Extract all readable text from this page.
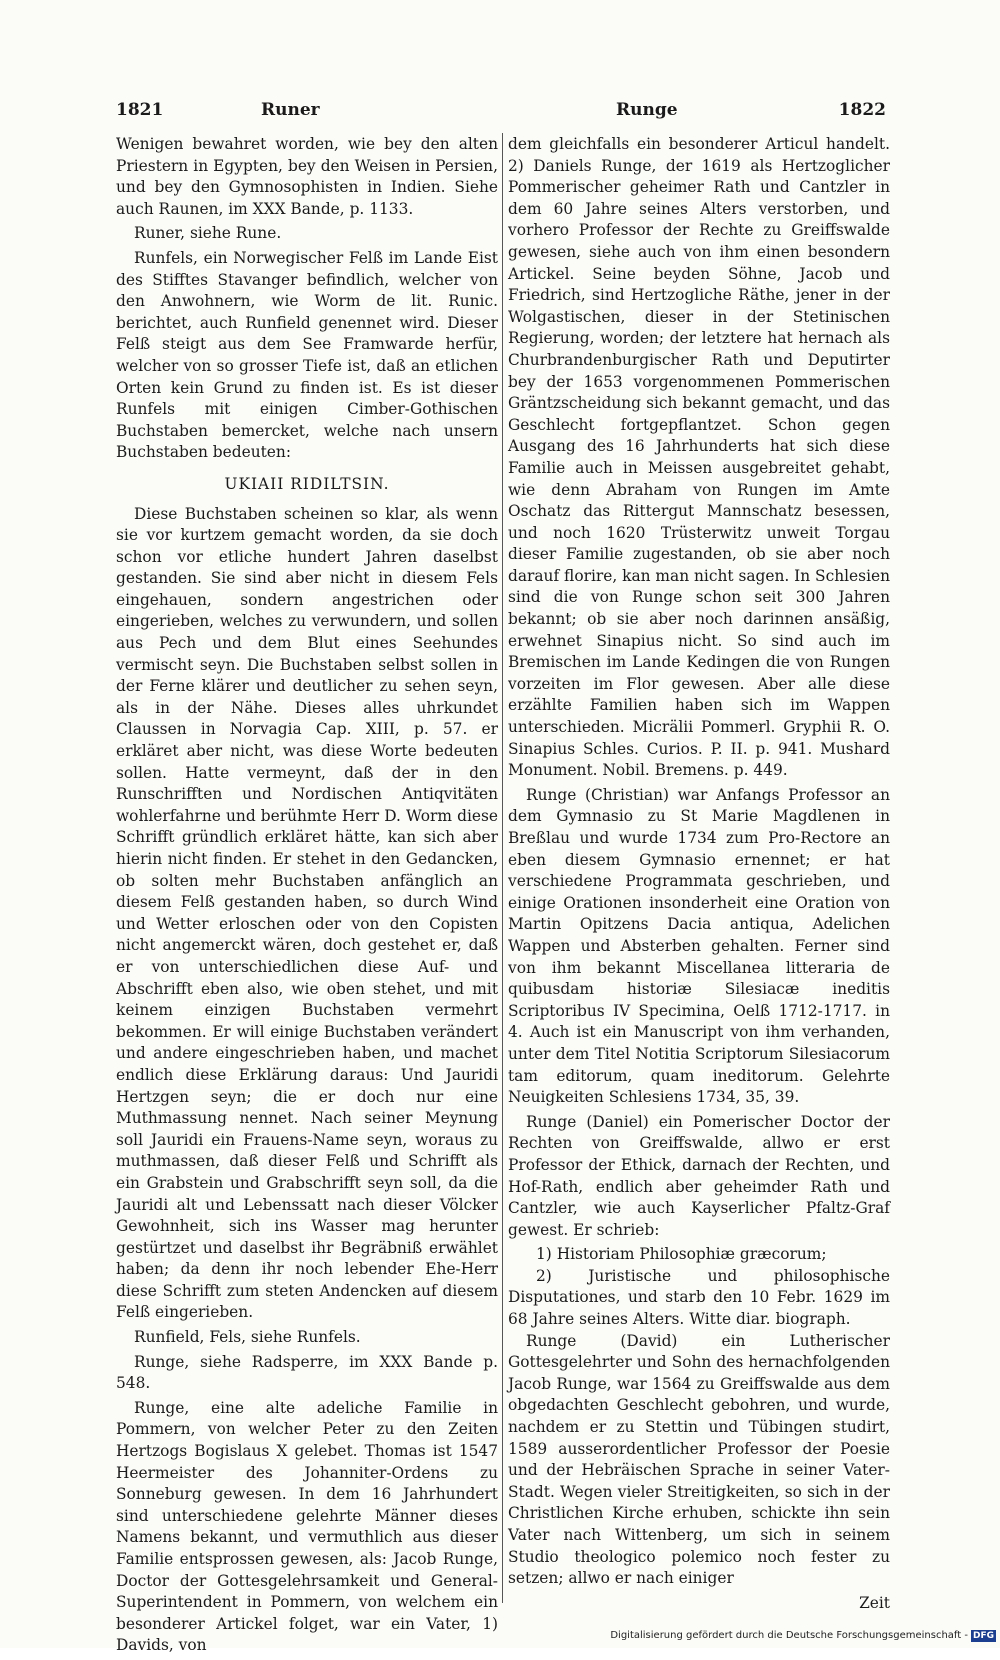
1821	Runer	Runge	1822

Wenigen bewahret worden, wie bey den alten Priestern in Egypten, bey den Weisen in Persien, und bey den Gymnosophisten in Indien. Siehe auch Raunen, im XXX Bande, p. 1133.

Runer, siehe Rune.

Runfels, ein Norwegischer Felß im Lande Eist des Stifftes Stavanger befindlich, welcher von den Anwohnern, wie Worm de lit. Runic. berichtet, auch Runfield genennet wird. Dieser Felß steigt aus dem See Framwarde herfür, welcher von so grosser Tiefe ist, daß an etlichen Orten kein Grund zu finden ist. Es ist dieser Runfels mit einigen Cimber-Gothischen Buchstaben bemercket, welche nach unsern Buchstaben bedeuten:

UKIAII RIDILTSIN.

Diese Buchstaben scheinen so klar, als wenn sie vor kurtzem gemacht worden, da sie doch schon vor etliche hundert Jahren daselbst gestanden. Sie sind aber nicht in diesem Fels eingehauen, sondern angestrichen oder eingerieben, welches zu verwundern, und sollen aus Pech und dem Blut eines Seehundes vermischt seyn. Die Buchstaben selbst sollen in der Ferne klärer und deutlicher zu sehen seyn, als in der Nähe. Dieses alles uhrkundet Claussen in Norvagia Cap. XIII, p. 57. er erkläret aber nicht, was diese Worte bedeuten sollen. Hatte vermeynt, daß der in den Runschrifften und Nordischen Antiqvitäten wohlerfahrne und berühmte Herr D. Worm diese Schrifft gründlich erkläret hätte, kan sich aber hierin nicht finden. Er stehet in den Gedancken, ob solten mehr Buchstaben anfänglich an diesem Felß gestanden haben, so durch Wind und Wetter erloschen oder von den Copisten nicht angemerckt wären, doch gestehet er, daß er von unterschiedlichen diese Auf- und Abschrifft eben also, wie oben stehet, und mit keinem einzigen Buchstaben vermehrt bekommen. Er will einige Buchstaben verändert und andere eingeschrieben haben, und machet endlich diese Erklärung daraus: Und Jauridi Hertzgen seyn; die er doch nur eine Muthmassung nennet. Nach seiner Meynung soll Jauridi ein Frauens-Name seyn, woraus zu muthmassen, daß dieser Felß und Schrifft als ein Grabstein und Grabschrifft seyn soll, da die Jauridi alt und Lebenssatt nach dieser Völcker Gewohnheit, sich ins Wasser mag herunter gestürtzet und daselbst ihr Begräbniß erwählet haben; da denn ihr noch lebender Ehe-Herr diese Schrifft zum steten Andencken auf diesem Felß eingerieben.

Runfield, Fels, siehe Runfels.

Runge, siehe Radsperre, im XXX Bande p. 548.

Runge, eine alte adeliche Familie in Pommern, von welcher Peter zu den Zeiten Hertzogs Bogislaus X gelebet. Thomas ist 1547 Heermeister des Johanniter-Ordens zu Sonneburg gewesen. In dem 16 Jahrhundert sind unterschiedene gelehrte Männer dieses Namens bekannt, und vermuthlich aus dieser Familie entsprossen gewesen, als: Jacob Runge, Doctor der Gottesgelehrsamkeit und General-Superintendent in Pommern, von welchem ein besonderer Artickel folget, war ein Vater, 1) Davids, von

dem gleichfalls ein besonderer Articul handelt. 2) Daniels Runge, der 1619 als Hertzoglicher Pommerischer geheimer Rath und Cantzler in dem 60 Jahre seines Alters verstorben, und vorhero Professor der Rechte zu Greiffswalde gewesen, siehe auch von ihm einen besondern Artickel. Seine beyden Söhne, Jacob und Friedrich, sind Hertzogliche Räthe, jener in der Wolgastischen, dieser in der Stetinischen Regierung, worden; der letztere hat hernach als Churbrandenburgischer Rath und Deputirter bey der 1653 vorgenommenen Pommerischen Gräntzscheidung sich bekannt gemacht, und das Geschlecht fortgepflantzet. Schon gegen Ausgang des 16 Jahrhunderts hat sich diese Familie auch in Meissen ausgebreitet gehabt, wie denn Abraham von Rungen im Amte Oschatz das Rittergut Mannschatz besessen, und noch 1620 Trüsterwitz unweit Torgau dieser Familie zugestanden, ob sie aber noch darauf florire, kan man nicht sagen. In Schlesien sind die von Runge schon seit 300 Jahren bekannt; ob sie aber noch darinnen ansäßig, erwehnet Sinapius nicht. So sind auch im Bremischen im Lande Kedingen die von Rungen vorzeiten im Flor gewesen. Aber alle diese erzählte Familien haben sich im Wappen unterschieden. Micrälii Pommerl. Gryphii R. O. Sinapius Schles. Curios. P. II. p. 941. Mushard Monument. Nobil. Bremens. p. 449.

Runge (Christian) war Anfangs Professor an dem Gymnasio zu St Marie Magdlenen in Breßlau und wurde 1734 zum Pro-Rectore an eben diesem Gymnasio ernennet; er hat verschiedene Programmata geschrieben, und einige Orationen insonderheit eine Oration von Martin Opitzens Dacia antiqua, Adelichen Wappen und Absterben gehalten. Ferner sind von ihm bekannt Miscellanea litteraria de quibusdam historiæ Silesiacæ ineditis Scriptoribus IV Specimina, Oelß 1712-1717. in 4. Auch ist ein Manuscript von ihm verhanden, unter dem Titel Notitia Scriptorum Silesiacorum tam editorum, quam ineditorum. Gelehrte Neuigkeiten Schlesiens 1734, 35, 39.

Runge (Daniel) ein Pomerischer Doctor der Rechten von Greiffswalde, allwo er erst Professor der Ethick, darnach der Rechten, und Hof-Rath, endlich aber geheimder Rath und Cantzler, wie auch Kayserlicher Pfaltz-Graf gewest. Er schrieb:

1) Historiam Philosophiæ græcorum;

2) Juristische und philosophische Disputationes, und starb den 10 Febr. 1629 im 68 Jahre seines Alters. Witte diar. biograph.

Runge (David) ein Lutherischer Gottesgelehrter und Sohn des hernachfolgenden Jacob Runge, war 1564 zu Greiffswalde aus dem obgedachten Geschlecht gebohren, und wurde, nachdem er zu Stettin und Tübingen studirt, 1589 ausserordentlicher Professor der Poesie und der Hebräischen Sprache in seiner Vater-Stadt. Wegen vieler Streitigkeiten, so sich in der Christlichen Kirche erhuben, schickte ihn sein Vater nach Wittenberg, um sich in seinem Studio theologico polemico noch fester zu setzen; allwo er nach einiger

Zeit

Digitalisierung gefördert durch die Deutsche Forschungsgemeinschaft - DFG
